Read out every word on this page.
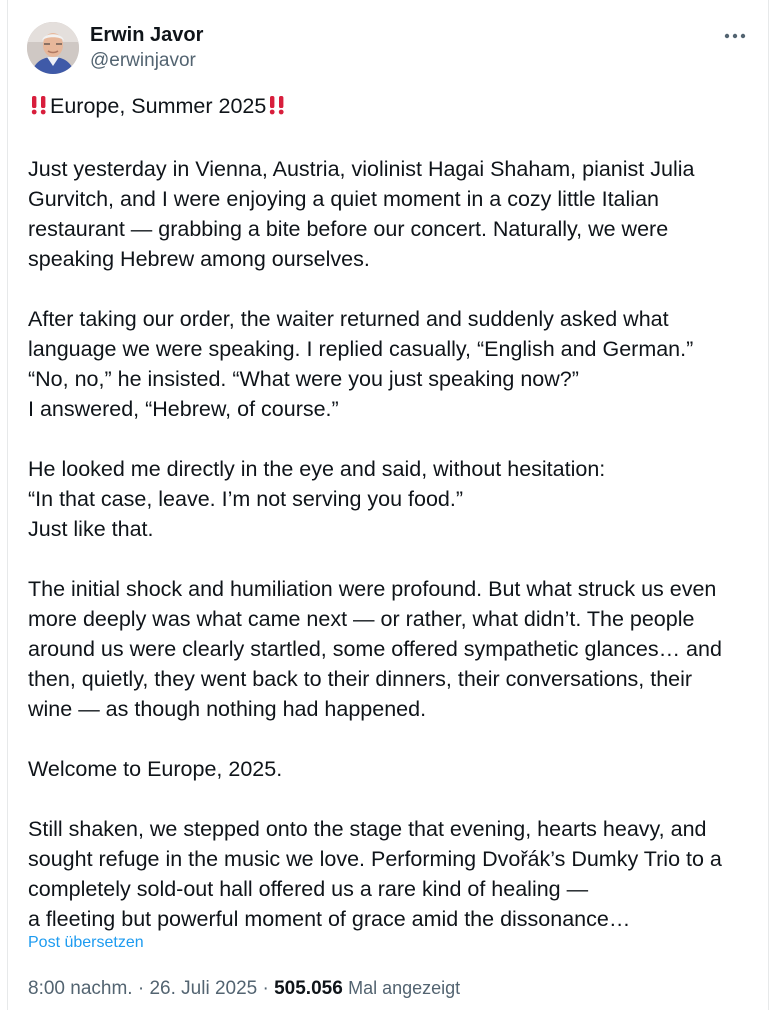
Erwin Javor
@erwinjavor

Europe, Summer 2025

Just yesterday in Vienna, Austria, violinist Hagai Shaham, pianist Julia
Gurvitch, and I were enjoying a quiet moment in a cozy little Italian
restaurant — grabbing a bite before our concert. Naturally, we were
speaking Hebrew among ourselves.

After taking our order, the waiter returned and suddenly asked what
language we were speaking. I replied casually, “English and German.”
“No, no,” he insisted. “What were you just speaking now?”
I answered, “Hebrew, of course.”

He looked me directly in the eye and said, without hesitation:
“In that case, leave. I’m not serving you food.”
Just like that.

The initial shock and humiliation were profound. But what struck us even
more deeply was what came next — or rather, what didn’t. The people
around us were clearly startled, some offered sympathetic glances… and
then, quietly, they went back to their dinners, their conversations, their
wine — as though nothing had happened.

Welcome to Europe, 2025.

Still shaken, we stepped onto the stage that evening, hearts heavy, and
sought refuge in the music we love. Performing Dvořák’s Dumky Trio to a
completely sold-out hall offered us a rare kind of healing —
a fleeting but powerful moment of grace amid the dissonance…

Post übersetzen
8:00 nachm. · 26. Juli 2025 · 505.056 Mal angezeigt
